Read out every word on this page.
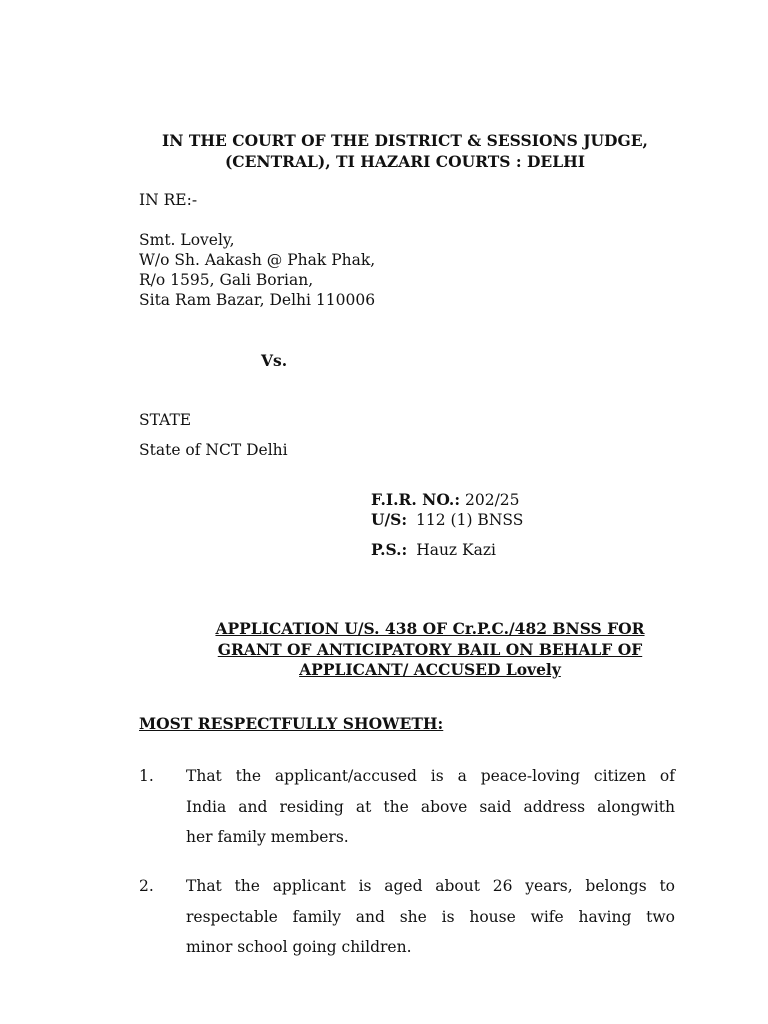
IN THE COURT OF THE DISTRICT & SESSIONS JUDGE,
(CENTRAL), TI HAZARI COURTS : DELHI
IN RE:-
Smt. Lovely,
W/o Sh. Aakash @ Phak Phak,
R/o 1595, Gali Borian,
Sita Ram Bazar, Delhi 110006
Vs.
STATE
State of NCT Delhi
F.I.R. NO.: 202/25
U/S: 112 (1) BNSS
P.S.: Hauz Kazi
APPLICATION U/S. 438 OF Cr.P.C./482 BNSS FOR
GRANT OF ANTICIPATORY BAIL ON BEHALF OF
APPLICANT/ ACCUSED Lovely
MOST RESPECTFULLY SHOWETH:
1. That the applicant/accused is a peace-loving citizen of
India and residing at the above said address alongwith
her family members.
2. That the applicant is aged about 26 years, belongs to
respectable family and she is house wife having two
minor school going children.
